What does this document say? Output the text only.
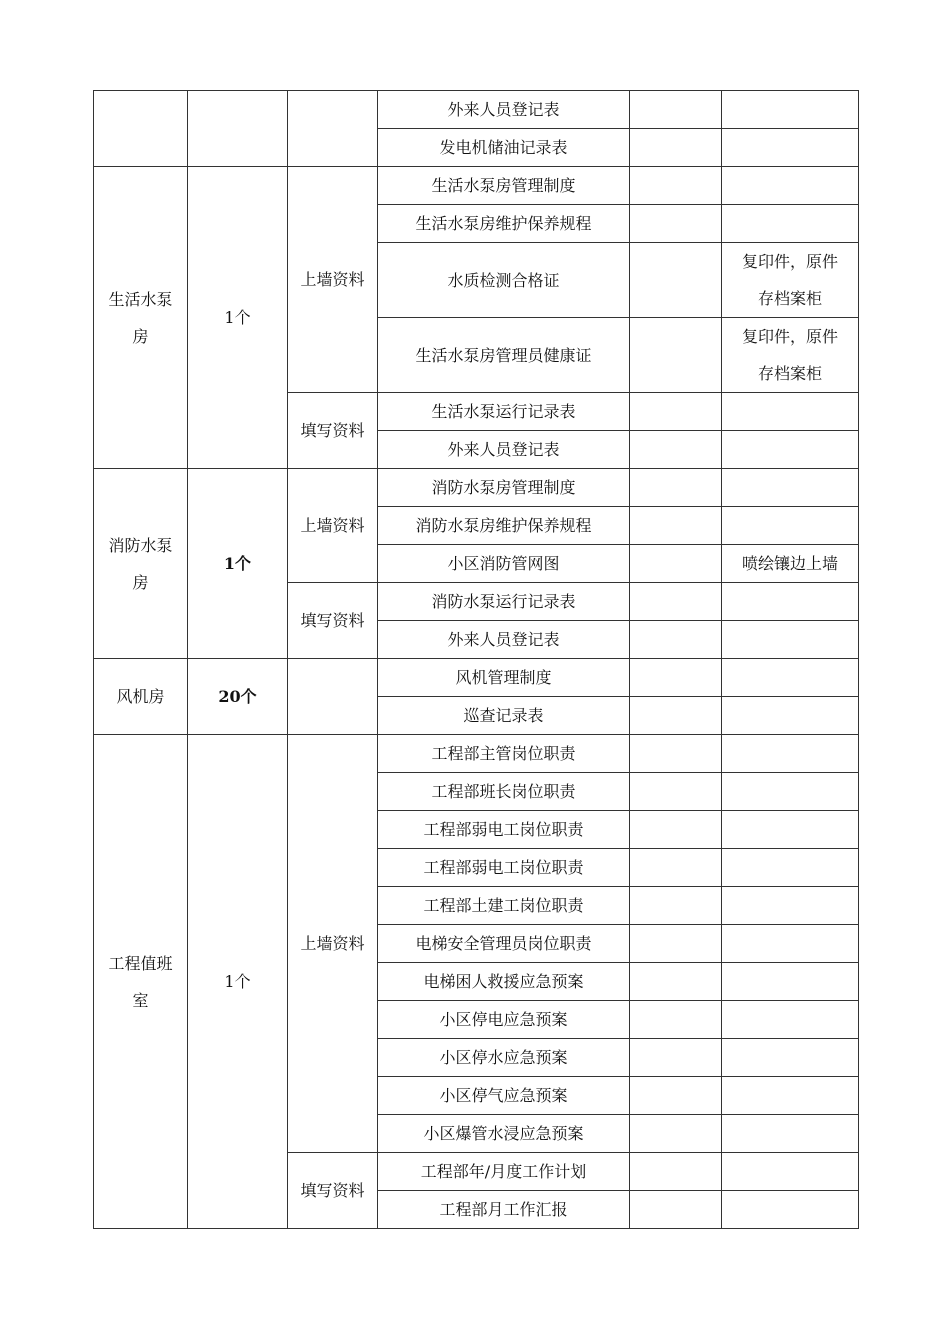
			外来人员登记表		
			发电机储油记录表		
生活水泵房	1个	上墙资料	生活水泵房管理制度		
			生活水泵房维护保养规程		
			水质检测合格证		复印件，原件存档案柜
			生活水泵房管理员健康证		复印件，原件存档案柜
		填写资料	生活水泵运行记录表		
			外来人员登记表		
消防水泵房	1个	上墙资料	消防水泵房管理制度		
			消防水泵房维护保养规程		
			小区消防管网图		喷绘镶边上墙
		填写资料	消防水泵运行记录表		
			外来人员登记表		
风机房	20个		风机管理制度		
			巡查记录表		
工程值班室	1个	上墙资料	工程部主管岗位职责		
			工程部班长岗位职责		
			工程部弱电工岗位职责		
			工程部弱电工岗位职责		
			工程部土建工岗位职责		
			电梯安全管理员岗位职责		
			电梯困人救援应急预案		
			小区停电应急预案		
			小区停水应急预案		
			小区停气应急预案		
			小区爆管水浸应急预案		
		填写资料	工程部年/月度工作计划		
			工程部月工作汇报		
